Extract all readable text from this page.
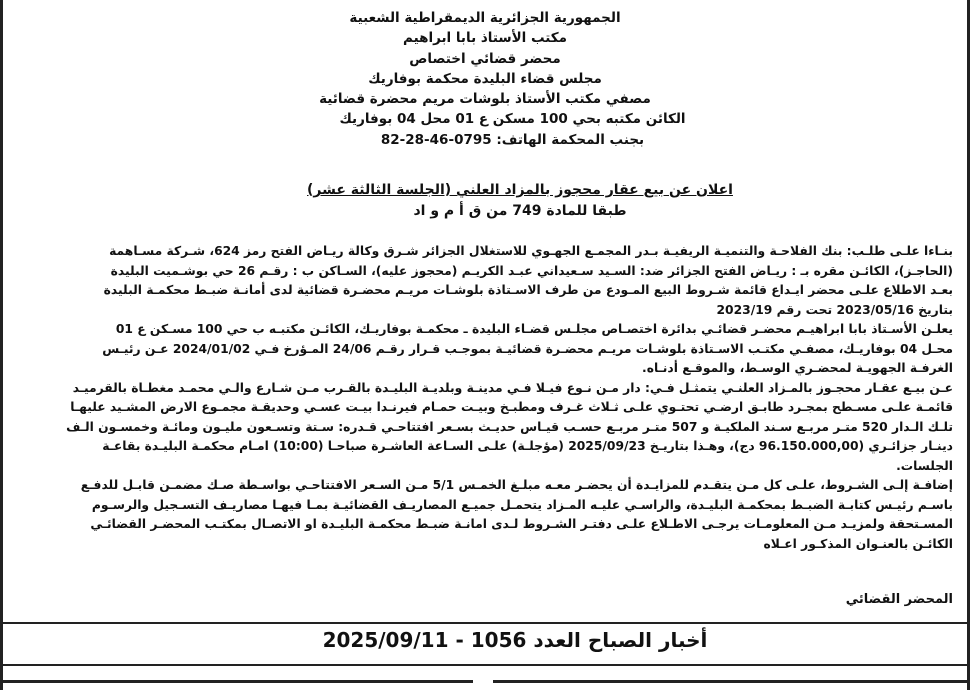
الجمهورية الجزائرية الديمقراطية الشعبية
مكتب الأستاذ بابا ابراهيم
محضر قضائي اختصاص
مجلس قضاء البليدة محكمة بوفاريك
مصفي مكتب الأستاذ بلوشات مريم محضرة قضائية
الكائن مكتبه بحي 100 مسكن ع 01 محل 04 بوفاريك
بجنب المحكمة الهاتف: 0795-46-28-82
اعلان عن بيع عقار محجوز بالمزاد العلني (الجلسة الثالثة عشر)
طبقا للمادة 749 من ق أ م و اد
بنـاءا علـى طلـب: بنك الفلاحـة والتنميـة الريفيـة بـدر المجمـع الجهـوي للاستغلال الجزائر شـرق وكالة ريـاض الفتح رمز 624، شـركة مسـاهمة
(الحاجـز)، الكائـن مقره بـ : ريـاض الفتح الجزائر ضد: السـيد سـعيداني عبـد الكريـم (محجوز عليه)، السـاكن ب : رقـم 26 حي بوشـميت البليدة
بعـد الاطلاع علـى محضر ايـداع قائمة شـروط البيع المـودع من طرف الاسـتاذة بلوشـات مريـم محضـرة قضائية لدى أمانـة ضبـط محكمـة البليدة
بتاريخ 2023/05/16 تحت رقم 2023/19
يعلـن الأسـتاذ بابا ابراهيـم محضـر قضائـي بدائرة اختصـاص مجلـس قضـاء البليدة ـ محكمـة بوفاريـك، الكائـن مكتبـه ب حي 100 مسـكن ع 01
محـل 04 بوفاريـك، مصفـي مكتـب الاسـتاذة بلوشـات مريـم محضـرة قضائيـة بموجـب قـرار رقـم 24/06 المـؤرخ فـي 2024/01/02 عـن رئيـس
الغرفـة الجهويـة لمحضـري الوسـط، والموقـع أدنـاه.
عـن بيـع عقـار محجـوز بالمـزاد العلنـي يتمثـل فـي: دار مـن نـوع فيـلا فـي مدينـة وبلديـة البليـدة بالقـرب مـن شـارع والـي محمـد مغطـاة بالقرميـد
قائمـة علـى مسـطح بمجـرد طابـق ارضـي تحتـوي علـى ثـلاث غـرف ومطبـخ وبيـت حمـام فيرنـدا بيـت عسـي وحديقـة مجمـوع الارض المشـيد عليهـا
تلـك الـدار 520 متـر مربـع سـند الملكيـة و 507 متـر مربـع حسـب قيـاس حديـث بسـعر افتتاحـي قـدره: سـتة وتسـعون مليـون ومائـة وخمسـون الـف
دينـار جزائـري (96.150.000,00 دج)، وهـذا بتاريـخ 2025/09/23 (مؤجلـة) علـى السـاعة العاشـرة صباحـا (10:00) امـام محكمـة البليـدة بقاعـة
الجلسات.
إضافـة إلـى الشـروط، علـى كل مـن يتقـدم للمزايـدة أن يحضـر معـه مبلـغ الخمـس 5/1 مـن السـعر الافتتاحـي بواسـطة صـك مضمـن قابـل للدفـع
باسـم رئيـس كتابـة الضبـط بمحكمـة البليـدة، والراسـي عليـه المـزاد يتحمـل جميـع المصاريـف القضائيـة بمـا فيهـا مصاريـف التسـجيل والرسـوم
المسـتحقة ولمزيـد مـن المعلومـات يرجـى الاطـلاع علـى دفتـر الشـروط لـدى امانـة ضبـط محكمـة البليـدة او الاتصـال بمكتـب المحضـر القضائـي
الكائـن بالعنـوان المذكـور اعـلاه
المحضر القضائي
أخبار الصباح العدد 1056 - 2025/09/11
